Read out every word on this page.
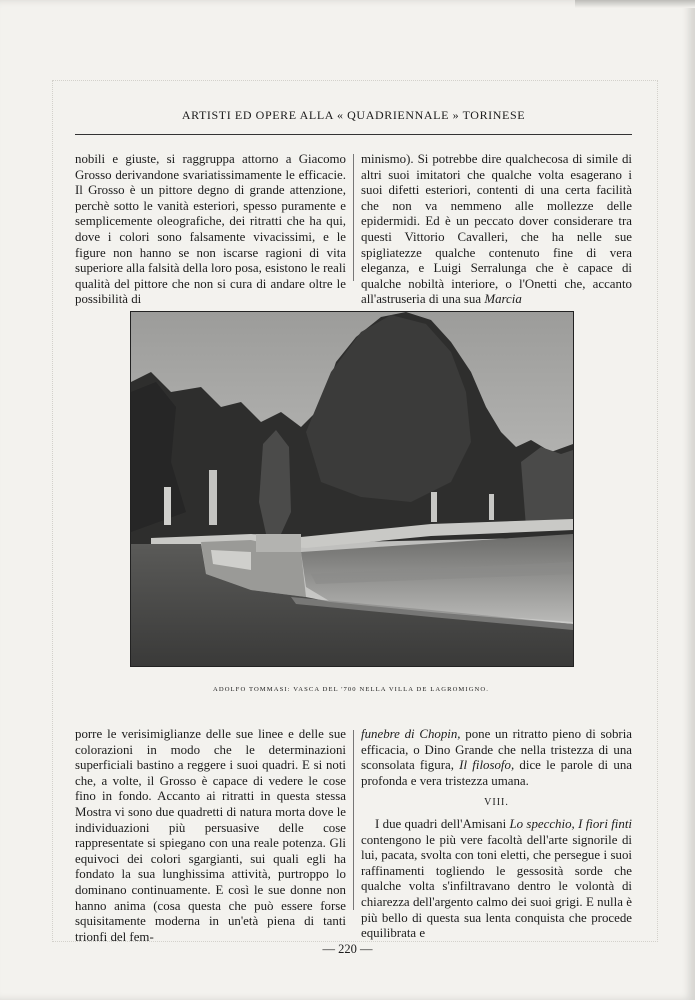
ARTISTI ED OPERE ALLA « QUADRIENNALE » TORINESE

nobili e giuste, si raggruppa attorno a Giacomo Grosso derivandone svariatissimamente le efficacie. Il Grosso è un pittore degno di grande attenzione, perchè sotto le vanità esteriori, spesso puramente e semplicemente oleografiche, dei ritratti che ha qui, dove i colori sono falsamente vivacissimi, e le figure non hanno se non iscarse ragioni di vita superiore alla falsità della loro posa, esistono le reali qualità del pittore che non si cura di andare oltre le possibilità di

minismo). Si potrebbe dire qualchecosa di simile di altri suoi imitatori che qualche volta esagerano i suoi difetti esteriori, contenti di una certa facilità che non va nemmeno alle mollezze delle epidermidi. Ed è un peccato dover considerare tra questi Vittorio Cavalleri, che ha nelle sue spigliatezze qualche contenuto fine di vera eleganza, e Luigi Serralunga che è capace di qualche nobiltà interiore, o l'Onetti che, accanto all'astruseria di una sua Marcia

ADOLFO TOMMASI: VASCA DEL '700 NELLA VILLA DE LAGROMIGNO.

porre le verisimiglianze delle sue linee e delle sue colorazioni in modo che le determinazioni superficiali bastino a reggere i suoi quadri. E si noti che, a volte, il Grosso è capace di vedere le cose fino in fondo. Accanto ai ritratti in questa stessa Mostra vi sono due quadretti di natura morta dove le individuazioni più persuasive delle cose rappresentate si spiegano con una reale potenza. Gli equivoci dei colori sgargianti, sui quali egli ha fondato la sua lunghissima attività, purtroppo lo dominano continuamente. E così le sue donne non hanno anima (cosa questa che può essere forse squisitamente moderna in un'età piena di tanti trionfi del fem-

funebre di Chopin, pone un ritratto pieno di sobria efficacia, o Dino Grande che nella tristezza di una sconsolata figura, Il filosofo, dice le parole di una profonda e vera tristezza umana.

VIII.

I due quadri dell'Amisani Lo specchio, I fiori finti contengono le più vere facoltà dell'arte signorile di lui, pacata, svolta con toni eletti, che persegue i suoi raffinamenti togliendo le gessosità sorde che qualche volta s'infiltravano dentro le volontà di chiarezza dell'argento calmo dei suoi grigi. E nulla è più bello di questa sua lenta conquista che procede equilibrata e

— 220 —
